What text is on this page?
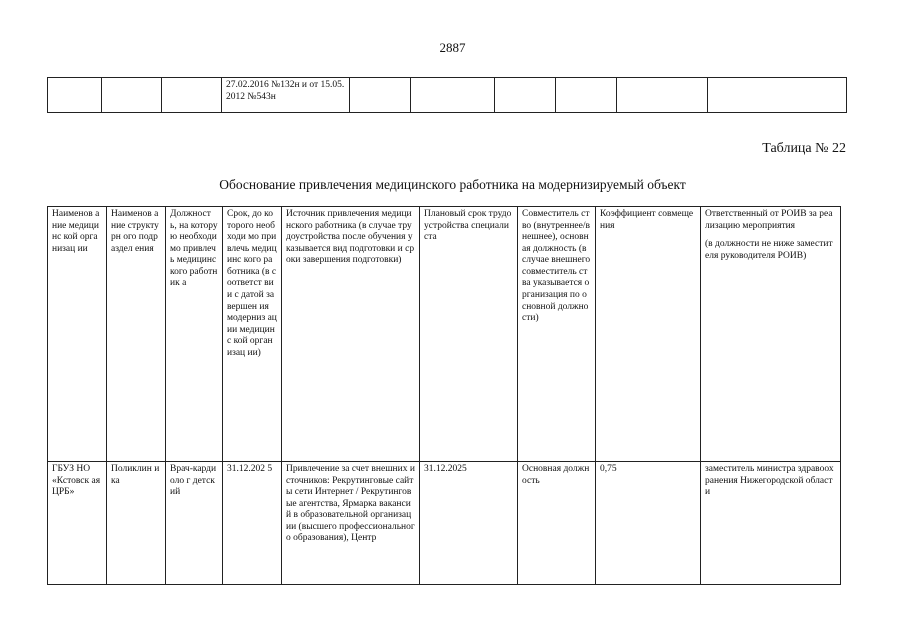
2887
			27.02.2016 №132н и от 15.05.2012 №543н						
Таблица № 22
Обоснование привлечения медицинского работника на модернизируемый объект
Наименов ание медицинс кой организац ии	Наименов ание структурн ого подраздел ения	Должност ь, на которую необходи мо привлечь медицинс кого работник а	Срок, до которого необходи мо привлечь медицинс кого работника (в соответст вии с датой завершен ия модерниз ации медицинс кой организац ии)	Источник привлечения медицинского работника (в случае трудоустройства после обучения указывается вид подготовки и сроки завершения подготовки)	Плановый срок трудоустройства специалиста	Совместитель ство (внутреннее/в нешнее), основная должность (в случае внешнего совместитель ства указывается организация по основной должности)	Коэффициент совмещения	Ответственный от РОИВ за реализацию мероприятия
(в должности не ниже заместителя руководителя РОИВ)

ГБУЗ НО «Кстовск ая ЦРБ»	Поликлин ика	Врач-кардиоло г детский	31.12.202 5	Привлечение за счет внешних источников: Рекрутинговые сайты сети Интернет / Рекрутинговые агентства, Ярмарка вакансий в образовательной организации (высшего профессионального образования), Центр	31.12.2025	Основная должность	0,75	заместитель министра здравоохранения Нижегородской области
